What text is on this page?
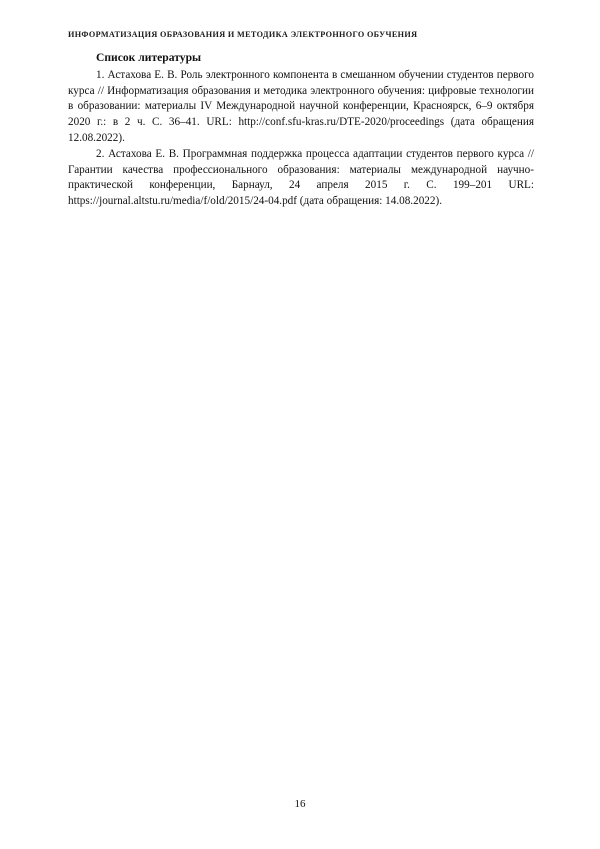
ИНФОРМАТИЗАЦИЯ ОБРАЗОВАНИЯ И МЕТОДИКА ЭЛЕКТРОННОГО ОБУЧЕНИЯ

Список литературы

1. Астахова Е. В. Роль электронного компонента в смешанном обучении студентов первого курса // Информатизация образования и методика электронного обучения: цифровые технологии в образовании: материалы IV Международной научной конференции, Красноярск, 6–9 октября 2020 г.: в 2 ч. С. 36–41. URL: http://conf.sfu-kras.ru/DTE-2020/proceedings (дата обращения 12.08.2022).

2. Астахова Е. В. Программная поддержка процесса адаптации студентов первого курса // Гарантии качества профессионального образования: материалы международной научно-практической конференции, Барнаул, 24 апреля 2015 г. С. 199–201 URL: https://journal.altstu.ru/media/f/old/2015/24-04.pdf (дата обращения: 14.08.2022).

16
